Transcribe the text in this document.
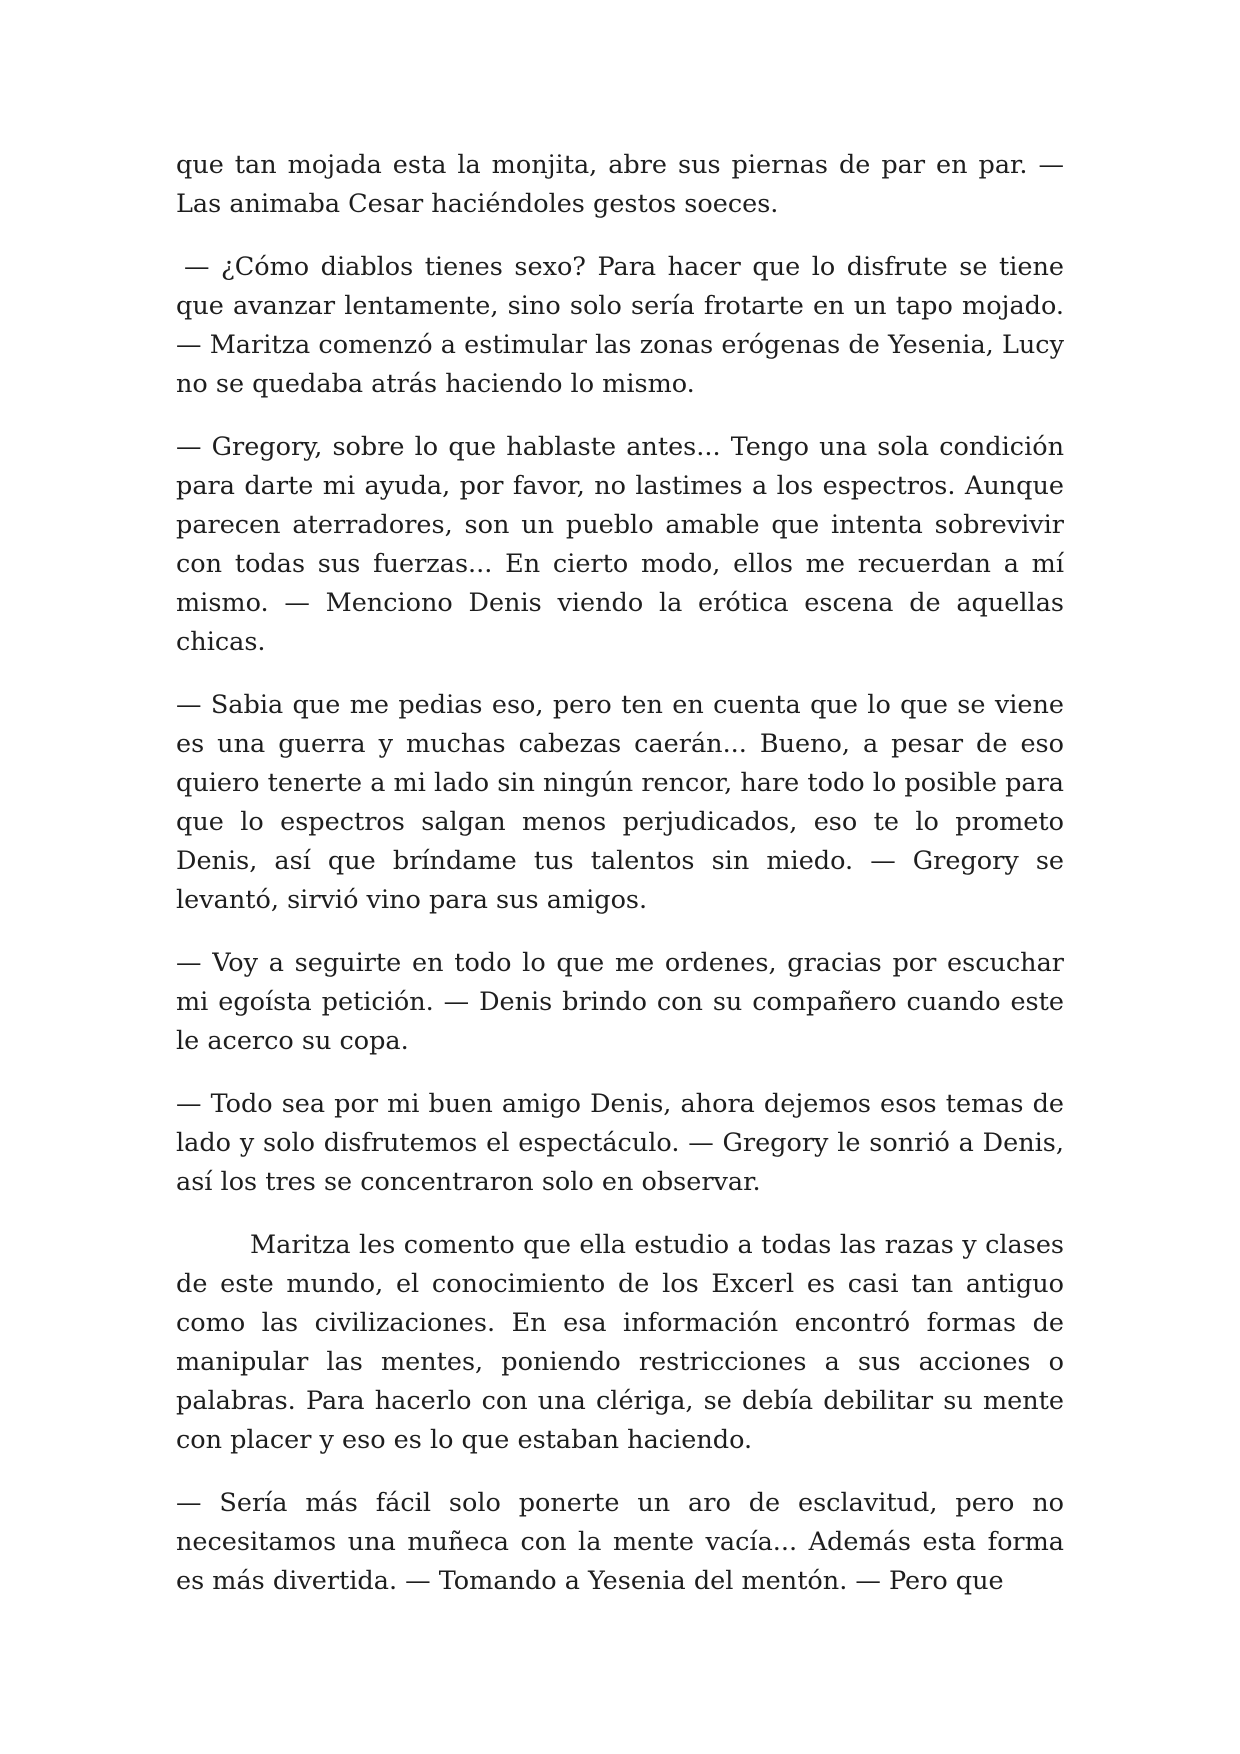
que tan mojada esta la monjita, abre sus piernas de par en par. — Las animaba Cesar haciéndoles gestos soeces.

— ¿Cómo diablos tienes sexo? Para hacer que lo disfrute se tiene que avanzar lentamente, sino solo sería frotarte en un tapo mojado. — Maritza comenzó a estimular las zonas erógenas de Yesenia, Lucy no se quedaba atrás haciendo lo mismo.

— Gregory, sobre lo que hablaste antes... Tengo una sola condición para darte mi ayuda, por favor, no lastimes a los espectros. Aunque parecen aterradores, son un pueblo amable que intenta sobrevivir con todas sus fuerzas... En cierto modo, ellos me recuerdan a mí mismo. — Menciono Denis viendo la erótica escena de aquellas chicas.

— Sabia que me pedias eso, pero ten en cuenta que lo que se viene es una guerra y muchas cabezas caerán... Bueno, a pesar de eso quiero tenerte a mi lado sin ningún rencor, hare todo lo posible para que lo espectros salgan menos perjudicados, eso te lo prometo Denis, así que bríndame tus talentos sin miedo. — Gregory se levantó, sirvió vino para sus amigos.

— Voy a seguirte en todo lo que me ordenes, gracias por escuchar mi egoísta petición. — Denis brindo con su compañero cuando este le acerco su copa.

— Todo sea por mi buen amigo Denis, ahora dejemos esos temas de lado y solo disfrutemos el espectáculo. — Gregory le sonrió a Denis, así los tres se concentraron solo en observar.

Maritza les comento que ella estudio a todas las razas y clases de este mundo, el conocimiento de los Excerl es casi tan antiguo como las civilizaciones. En esa información encontró formas de manipular las mentes, poniendo restricciones a sus acciones o palabras. Para hacerlo con una clériga, se debía debilitar su mente con placer y eso es lo que estaban haciendo.

— Sería más fácil solo ponerte un aro de esclavitud, pero no necesitamos una muñeca con la mente vacía... Además esta forma es más divertida. — Tomando a Yesenia del mentón. — Pero que
